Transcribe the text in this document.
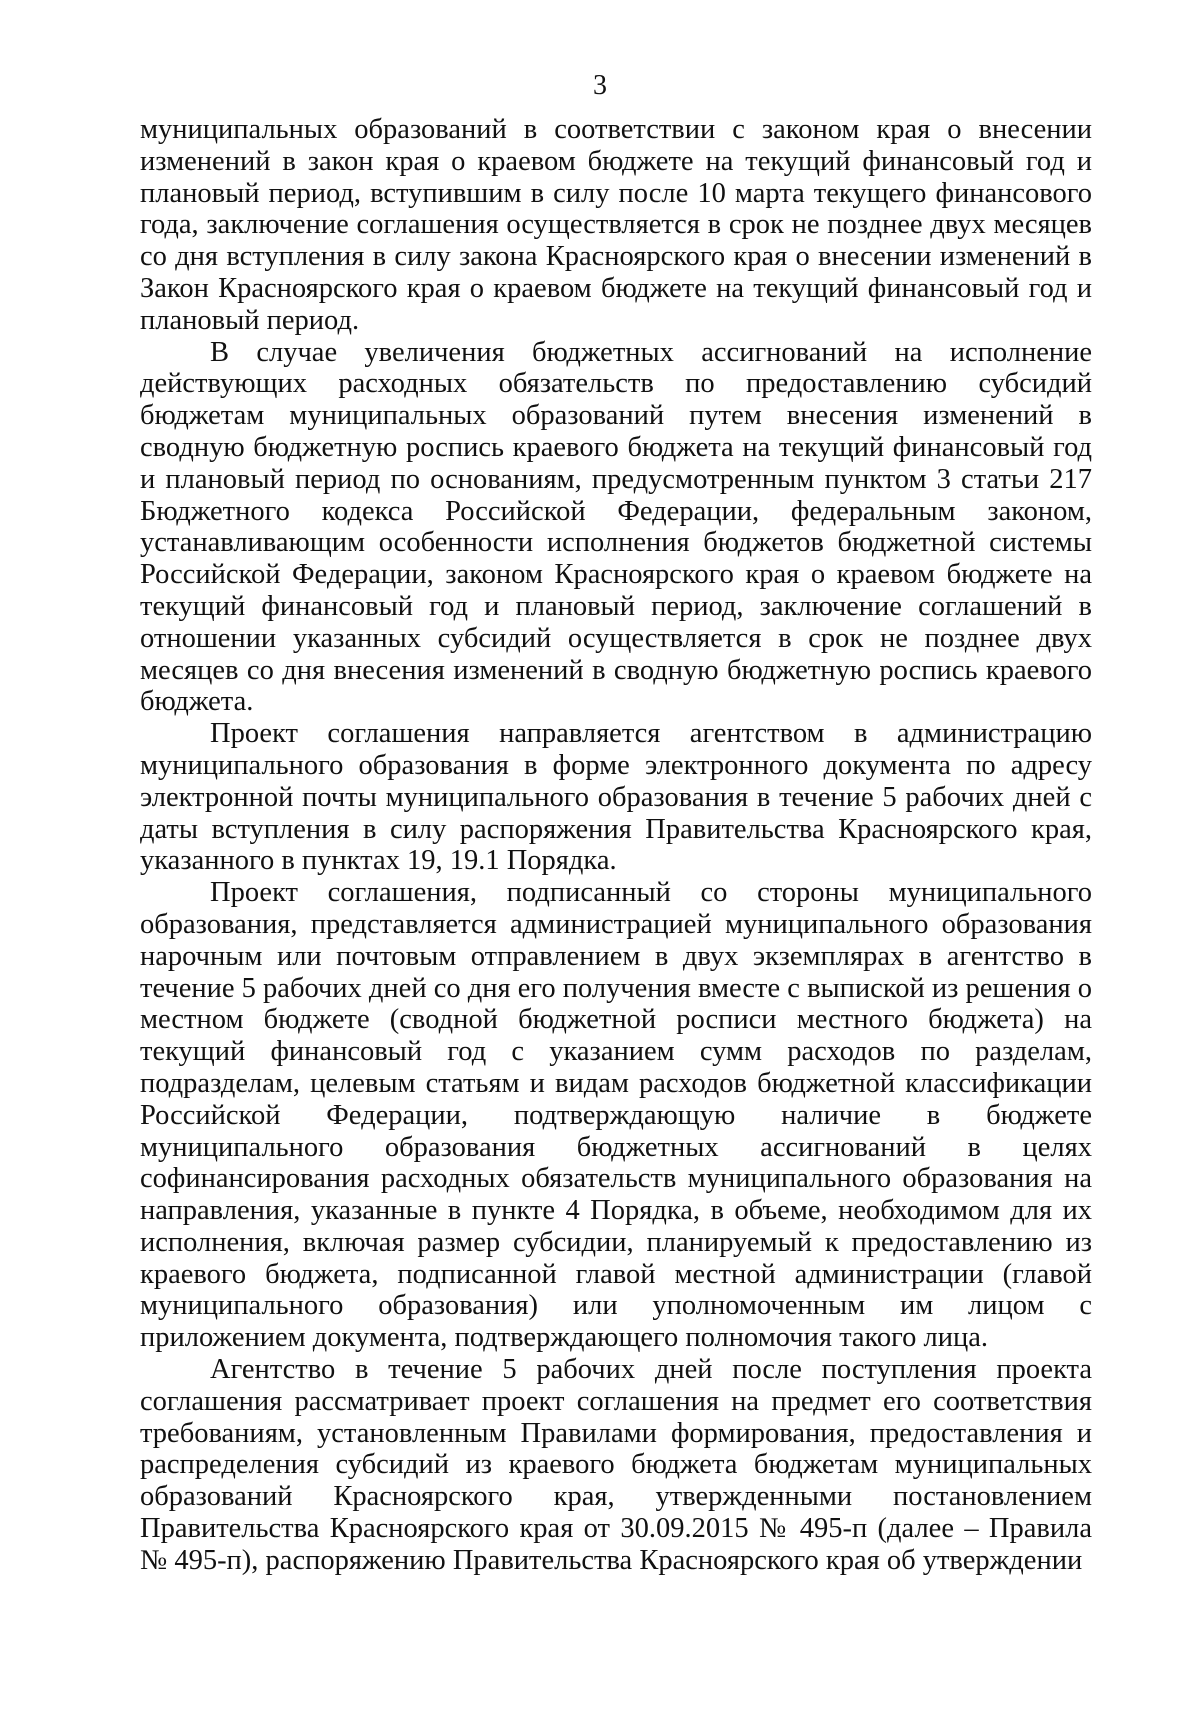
3

муниципальных образований в соответствии с законом края о внесении изменений в закон края о краевом бюджете на текущий финансовый год и плановый период, вступившим в силу после 10 марта текущего финансового года, заключение соглашения осуществляется в срок не позднее двух месяцев со дня вступления в силу закона Красноярского края о внесении изменений в Закон Красноярского края о краевом бюджете на текущий финансовый год и плановый период.

В случае увеличения бюджетных ассигнований на исполнение действующих расходных обязательств по предоставлению субсидий бюджетам муниципальных образований путем внесения изменений в сводную бюджетную роспись краевого бюджета на текущий финансовый год и плановый период по основаниям, предусмотренным пунктом 3 статьи 217 Бюджетного кодекса Российской Федерации, федеральным законом, устанавливающим особенности исполнения бюджетов бюджетной системы Российской Федерации, законом Красноярского края о краевом бюджете на текущий финансовый год и плановый период, заключение соглашений в отношении указанных субсидий осуществляется в срок не позднее двух месяцев со дня внесения изменений в сводную бюджетную роспись краевого бюджета.

Проект соглашения направляется агентством в администрацию муниципального образования в форме электронного документа по адресу электронной почты муниципального образования в течение 5 рабочих дней с даты вступления в силу распоряжения Правительства Красноярского края, указанного в пунктах 19, 19.1 Порядка.

Проект соглашения, подписанный со стороны муниципального образования, представляется администрацией муниципального образования нарочным или почтовым отправлением в двух экземплярах в агентство в течение 5 рабочих дней со дня его получения вместе с выпиской из решения о местном бюджете (сводной бюджетной росписи местного бюджета) на текущий финансовый год с указанием сумм расходов по разделам, подразделам, целевым статьям и видам расходов бюджетной классификации Российской Федерации, подтверждающую наличие в бюджете муниципального образования бюджетных ассигнований в целях софинансирования расходных обязательств муниципального образования на направления, указанные в пункте 4 Порядка, в объеме, необходимом для их исполнения, включая размер субсидии, планируемый к предоставлению из краевого бюджета, подписанной главой местной администрации (главой муниципального образования) или уполномоченным им лицом с приложением документа, подтверждающего полномочия такого лица.

Агентство в течение 5 рабочих дней после поступления проекта соглашения рассматривает проект соглашения на предмет его соответствия требованиям, установленным Правилами формирования, предоставления и распределения субсидий из краевого бюджета бюджетам муниципальных образований Красноярского края, утвержденными постановлением Правительства Красноярского края от 30.09.2015 № 495-п (далее – Правила № 495-п), распоряжению Правительства Красноярского края об утверждении
